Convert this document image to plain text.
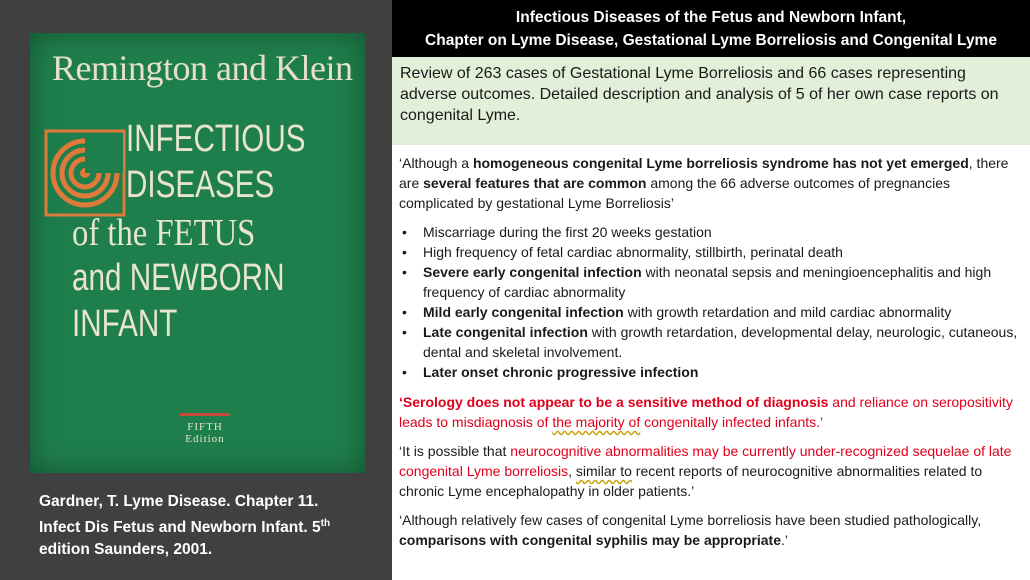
Remington and Klein
INFECTIOUS
DISEASES
of the FETUS
and NEWBORN
INFANT
FIFTH
Edition
Gardner, T. Lyme Disease. Chapter 11.
Infect Dis Fetus and Newborn Infant. 5th
edition Saunders, 2001.
Infectious Diseases of the Fetus and Newborn Infant,
Chapter on Lyme Disease, Gestational Lyme Borreliosis and Congenital Lyme
Review of 263 cases of Gestational Lyme Borreliosis and 66 cases representing adverse outcomes. Detailed description and analysis of 5 of her own case reports on congenital Lyme.

‘Although a homogeneous congenital Lyme borreliosis syndrome has not yet emerged, there are several features that are common among the 66 adverse outcomes of pregnancies complicated by gestational Lyme Borreliosis’

• Miscarriage during the first 20 weeks gestation
• High frequency of fetal cardiac abnormality, stillbirth, perinatal death
• Severe early congenital infection with neonatal sepsis and meningioencephalitis and high frequency of cardiac abnormality
• Mild early congenital infection with growth retardation and mild cardiac abnormality
• Late congenital infection with growth retardation, developmental delay, neurologic, cutaneous, dental and skeletal involvement.
• Later onset chronic progressive infection

‘Serology does not appear to be a sensitive method of diagnosis and reliance on seropositivity leads to misdiagnosis of the majority of congenitally infected infants.’

‘It is possible that neurocognitive abnormalities may be currently under-recognized sequelae of late congenital Lyme borreliosis, similar to recent reports of neurocognitive abnormalities related to chronic Lyme encephalopathy in older patients.’

‘Although relatively few cases of congenital Lyme borreliosis have been studied pathologically, comparisons with congenital syphilis may be appropriate.’
